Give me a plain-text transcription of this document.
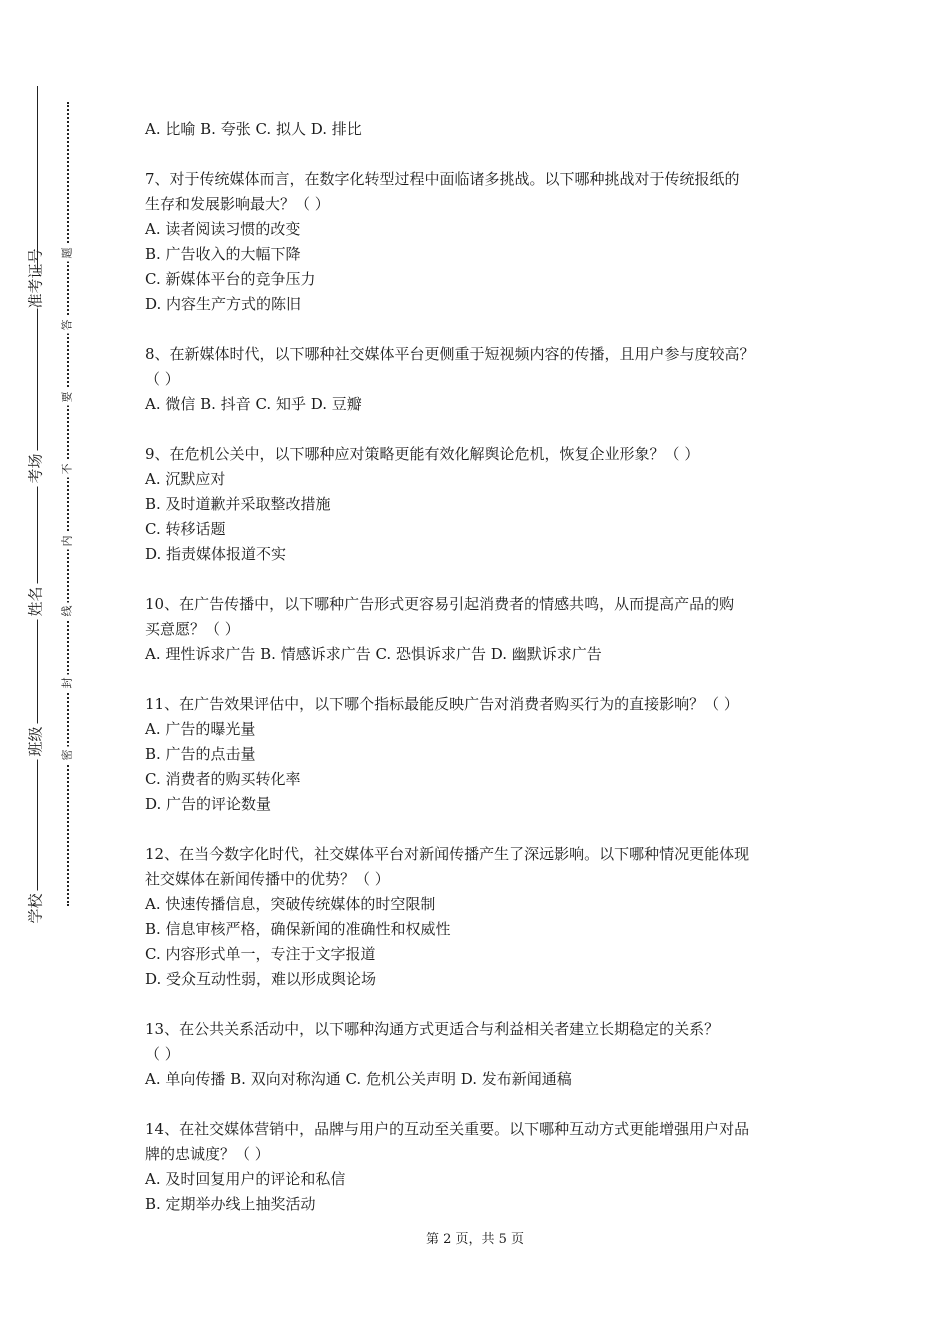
准考证号
考场
姓名
班级
学校
题
答
要
不
内
线
封
密

A. 比喻 B. 夸张 C. 拟人 D. 排比

7、对于传统媒体而言，在数字化转型过程中面临诸多挑战。以下哪种挑战对于传统报纸的

生存和发展影响最大？（ ）

A. 读者阅读习惯的改变

B. 广告收入的大幅下降

C. 新媒体平台的竞争压力

D. 内容生产方式的陈旧

8、在新媒体时代，以下哪种社交媒体平台更侧重于短视频内容的传播，且用户参与度较高？

（ ）

A. 微信 B. 抖音 C. 知乎 D. 豆瓣

9、在危机公关中，以下哪种应对策略更能有效化解舆论危机，恢复企业形象？（ ）

A. 沉默应对

B. 及时道歉并采取整改措施

C. 转移话题

D. 指责媒体报道不实

10、在广告传播中，以下哪种广告形式更容易引起消费者的情感共鸣，从而提高产品的购

买意愿？（ ）

A. 理性诉求广告 B. 情感诉求广告 C. 恐惧诉求广告 D. 幽默诉求广告

11、在广告效果评估中，以下哪个指标最能反映广告对消费者购买行为的直接影响？（ ）

A. 广告的曝光量

B. 广告的点击量

C. 消费者的购买转化率

D. 广告的评论数量

12、在当今数字化时代，社交媒体平台对新闻传播产生了深远影响。以下哪种情况更能体现

社交媒体在新闻传播中的优势？（ ）

A. 快速传播信息，突破传统媒体的时空限制

B. 信息审核严格，确保新闻的准确性和权威性

C. 内容形式单一，专注于文字报道

D. 受众互动性弱，难以形成舆论场

13、在公共关系活动中，以下哪种沟通方式更适合与利益相关者建立长期稳定的关系？

（ ）

A. 单向传播 B. 双向对称沟通 C. 危机公关声明 D. 发布新闻通稿

14、在社交媒体营销中，品牌与用户的互动至关重要。以下哪种互动方式更能增强用户对品

牌的忠诚度？（ ）

A. 及时回复用户的评论和私信

B. 定期举办线上抽奖活动

第 2 页，共 5 页
